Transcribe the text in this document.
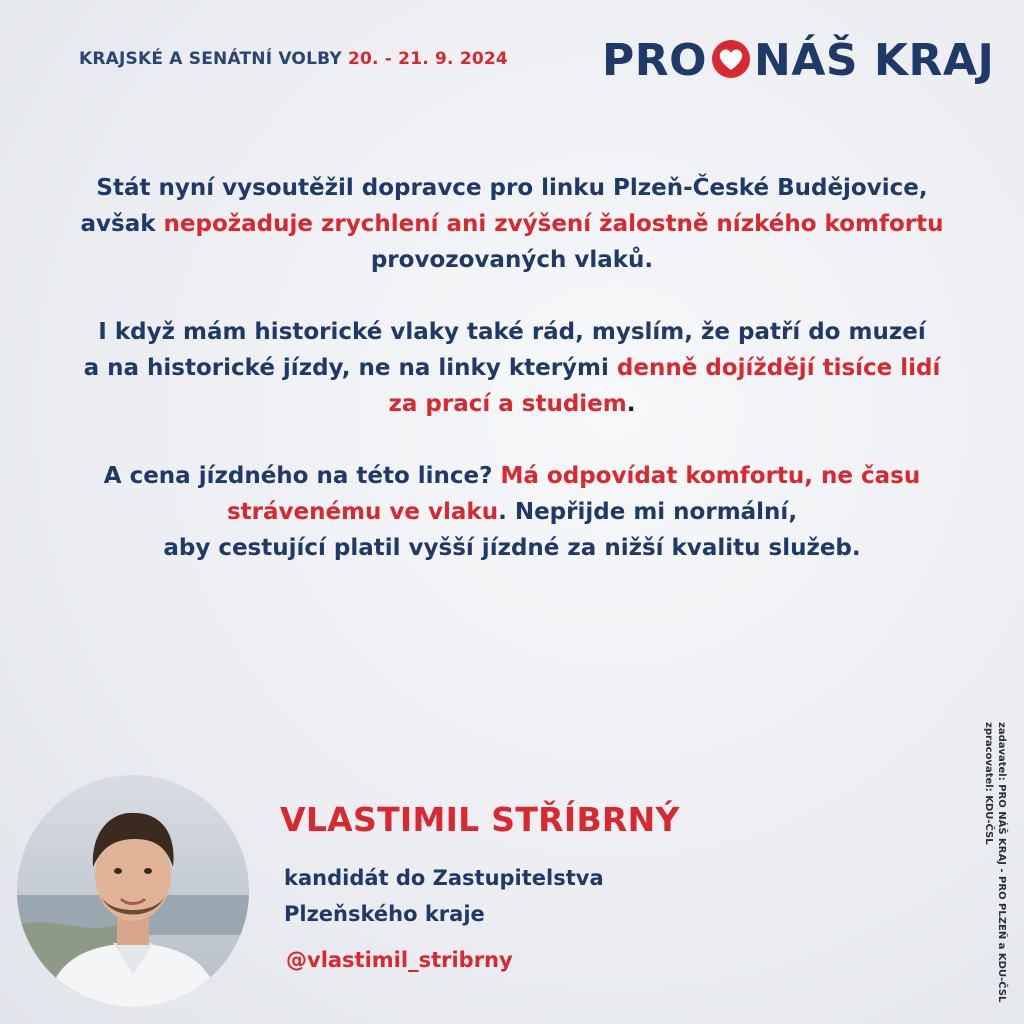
KRAJSKÉ A SENÁTNÍ VOLBY 20. - 21. 9. 2024 PRO NÁŠ KRAJ

Stát nyní vysoutěžil dopravce pro linku Plzeň-České Budějovice,
avšak nepožaduje zrychlení ani zvýšení žalostně nízkého komfortu
provozovaných vlaků.

I když mám historické vlaky také rád, myslím, že patří do muzeí
a na historické jízdy, ne na linky kterými denně dojíždějí tisíce lidí
za prací a studiem.

A cena jízdného na této lince? Má odpovídat komfortu, ne času
strávenému ve vlaku. Nepřijde mi normální,
aby cestující platil vyšší jízdné za nižší kvalitu služeb.

VLASTIMIL STŘÍBRNÝ
kandidát do Zastupitelstva
Plzeňského kraje
@vlastimil_stribrny	zadavatel: PRO NÁŠ KRAJ - PRO PLZEŇ a KDU-ČSL
zpracovatel: KDU-ČSL
